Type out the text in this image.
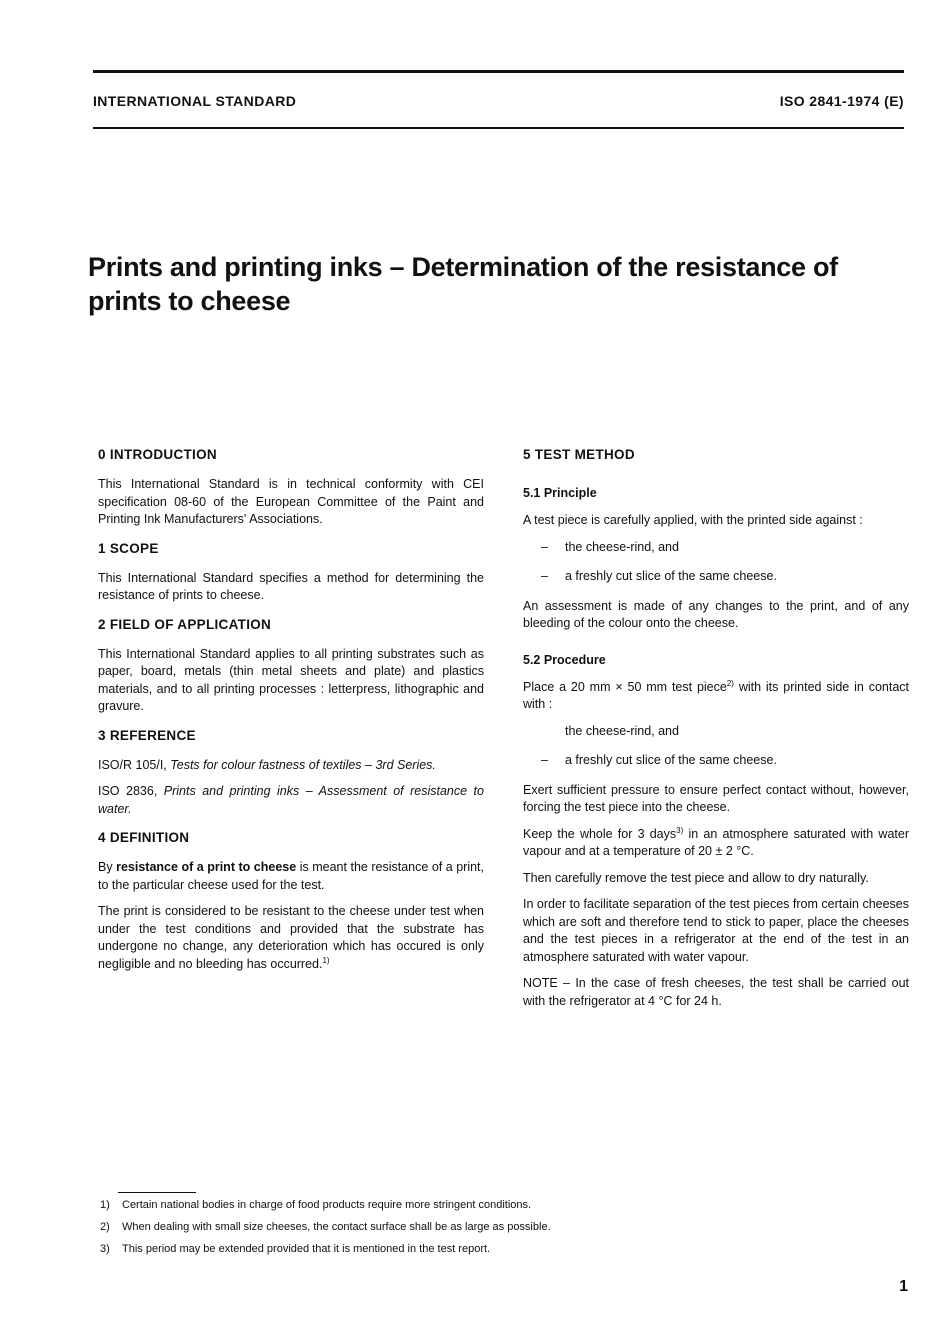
INTERNATIONAL STANDARD	ISO 2841-1974 (E)
Prints and printing inks – Determination of the resistance of
prints to cheese
0 INTRODUCTION

This International Standard is in technical conformity with CEI specification 08-60 of the European Committee of the Paint and Printing Ink Manufacturers' Associations.

1 SCOPE

This International Standard specifies a method for determining the resistance of prints to cheese.

2 FIELD OF APPLICATION

This International Standard applies to all printing substrates such as paper, board, metals (thin metal sheets and plate) and plastics materials, and to all printing processes : letterpress, lithographic and gravure.

3 REFERENCE

ISO/R 105/I, Tests for colour fastness of textiles – 3rd Series.

ISO 2836, Prints and printing inks – Assessment of resistance to water.

4 DEFINITION

By resistance of a print to cheese is meant the resistance of a print, to the particular cheese used for the test.

The print is considered to be resistant to the cheese under test when under the test conditions and provided that the substrate has undergone no change, any deterioration which has occured is only negligible and no bleeding has occurred.$^{1)}$

5 TEST METHOD
5.1 Principle

A test piece is carefully applied, with the printed side against :

–	the cheese-rind, and
–	a freshly cut slice of the same cheese.

An assessment is made of any changes to the print, and of any bleeding of the colour onto the cheese.

5.2 Procedure

Place a 20 mm × 50 mm test piece$^{2)}$ with its printed side in contact with :

the cheese-rind, and
–	a freshly cut slice of the same cheese.

Exert sufficient pressure to ensure perfect contact without, however, forcing the test piece into the cheese.

Keep the whole for 3 days$^{3)}$ in an atmosphere saturated with water vapour and at a temperature of 20 ± 2 °C.

Then carefully remove the test piece and allow to dry naturally.

In order to facilitate separation of the test pieces from certain cheeses which are soft and therefore tend to stick to paper, place the cheeses and the test pieces in a refrigerator at the end of the test in an atmosphere saturated with water vapour.

NOTE – In the case of fresh cheeses, the test shall be carried out with the refrigerator at 4 °C for 24 h.

1)	Certain national bodies in charge of food products require more stringent conditions.
2)	When dealing with small size cheeses, the contact surface shall be as large as possible.
3)	This period may be extended provided that it is mentioned in the test report.
1
